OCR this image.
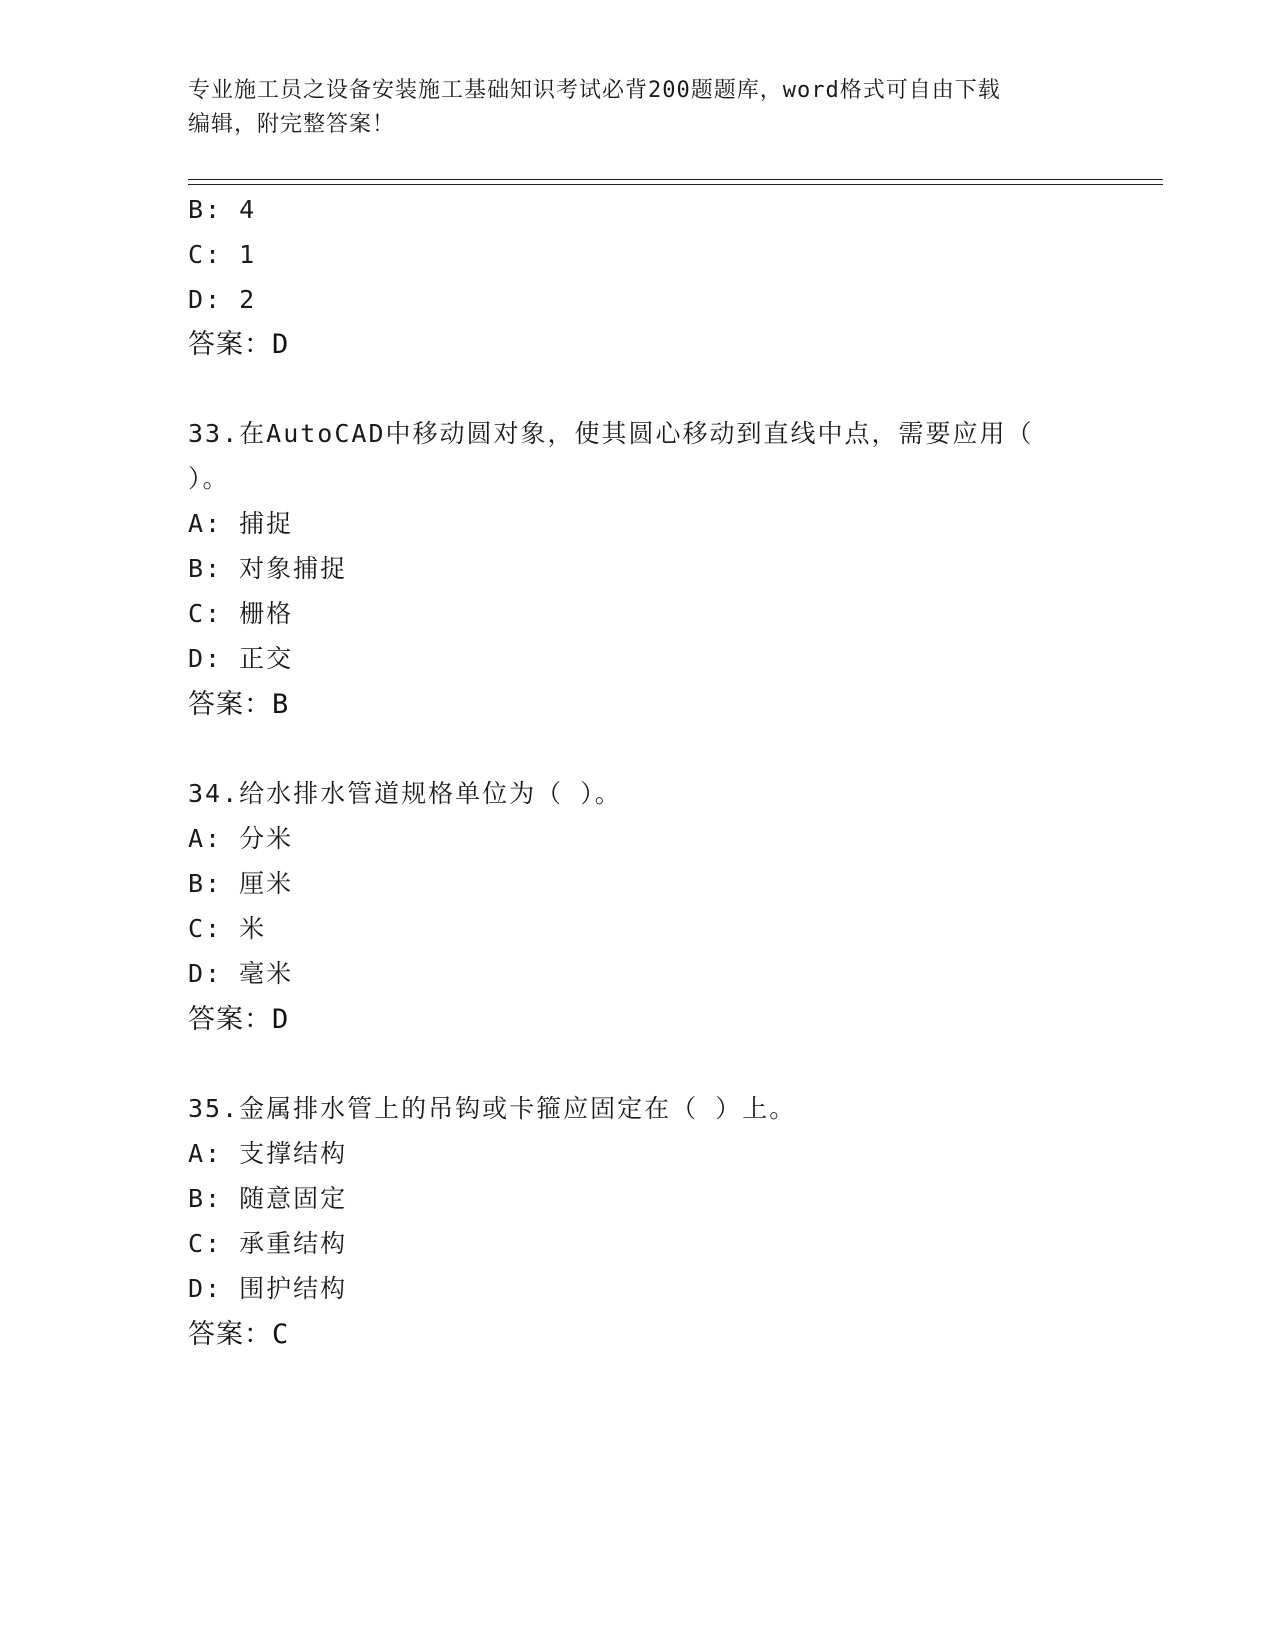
专业施工员之设备安装施工基础知识考试必背200题题库，word格式可自由下载
编辑，附完整答案！
B: 4
C: 1
D: 2
答案：D
33.在AutoCAD中移动圆对象，使其圆心移动到直线中点，需要应用（
）。
A: 捕捉
B: 对象捕捉
C: 栅格
D: 正交
答案：B
34.给水排水管道规格单位为（ ）。
A: 分米
B: 厘米
C: 米
D: 毫米
答案：D
35.金属排水管上的吊钩或卡箍应固定在（ ）上。
A: 支撑结构
B: 随意固定
C: 承重结构
D: 围护结构
答案：C
